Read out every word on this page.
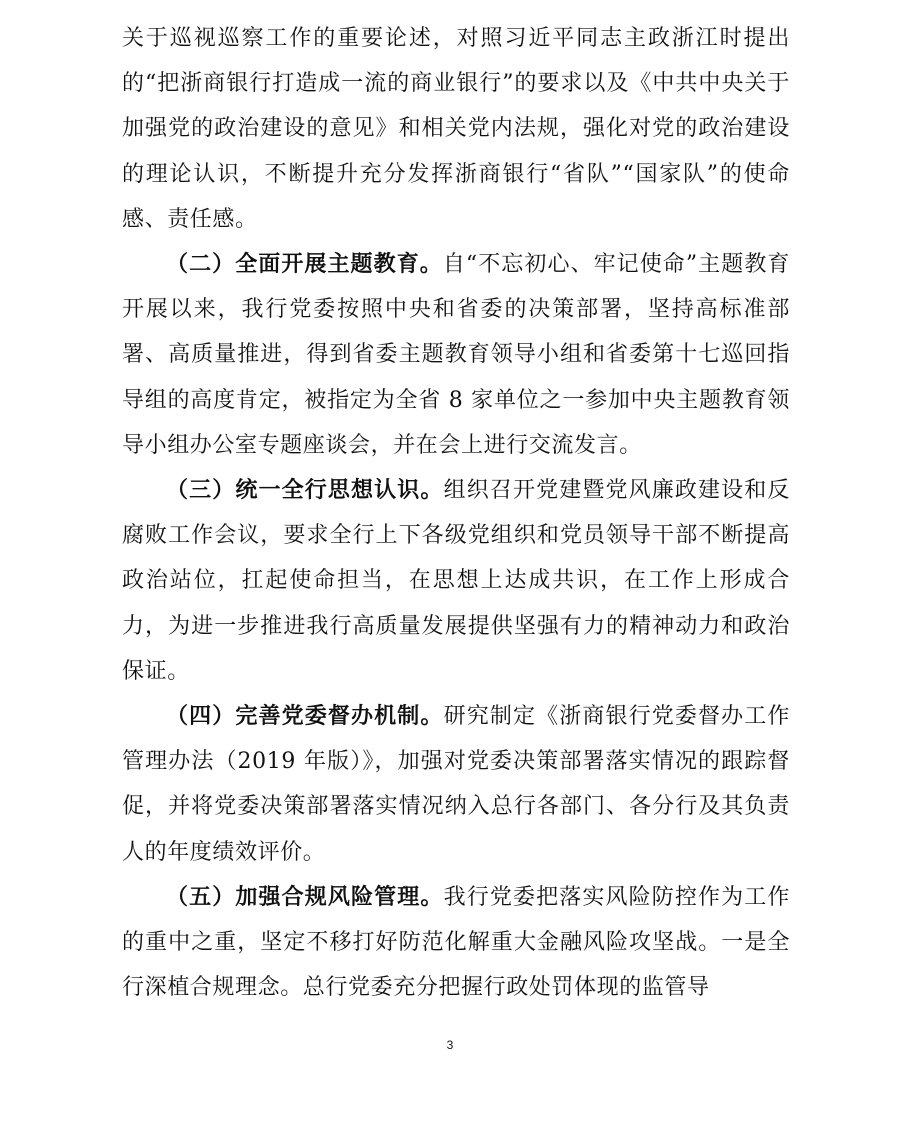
关于巡视巡察工作的重要论述，对照习近平同志主政浙江时提出的“把浙商银行打造成一流的商业银行”的要求以及《中共中央关于加强党的政治建设的意见》和相关党内法规，强化对党的政治建设的理论认识，不断提升充分发挥浙商银行“省队”“国家队”的使命感、责任感。

（二）全面开展主题教育。自“不忘初心、牢记使命”主题教育开展以来，我行党委按照中央和省委的决策部署，坚持高标准部署、高质量推进，得到省委主题教育领导小组和省委第十七巡回指导组的高度肯定，被指定为全省 8 家单位之一参加中央主题教育领导小组办公室专题座谈会，并在会上进行交流发言。

（三）统一全行思想认识。组织召开党建暨党风廉政建设和反腐败工作会议，要求全行上下各级党组织和党员领导干部不断提高政治站位，扛起使命担当，在思想上达成共识，在工作上形成合力，为进一步推进我行高质量发展提供坚强有力的精神动力和政治保证。

（四）完善党委督办机制。研究制定《浙商银行党委督办工作管理办法（2019 年版）》，加强对党委决策部署落实情况的跟踪督促，并将党委决策部署落实情况纳入总行各部门、各分行及其负责人的年度绩效评价。

（五）加强合规风险管理。我行党委把落实风险防控作为工作的重中之重，坚定不移打好防范化解重大金融风险攻坚战。一是全行深植合规理念。总行党委充分把握行政处罚体现的监管导

3
